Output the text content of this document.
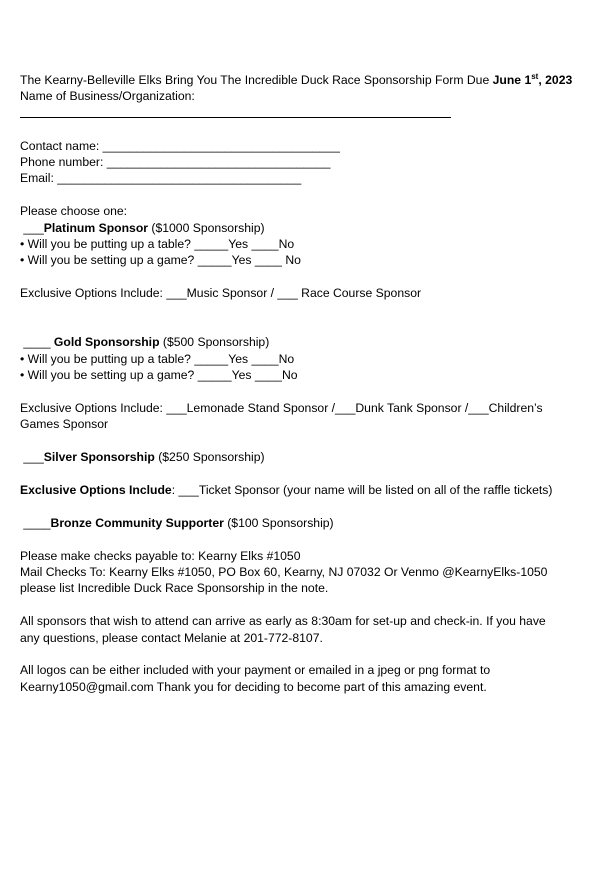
The Kearny-Belleville Elks Bring You The Incredible Duck Race Sponsorship Form Due June 1st, 2023
Name of Business/Organization:
Contact name: ___________________________________
Phone number: _________________________________
Email: ____________________________________
Please choose one:
___Platinum Sponsor ($1000 Sponsorship)
• Will you be putting up a table? _____Yes ____No
• Will you be setting up a game? _____Yes ____ No
Exclusive Options Include: ___Music Sponsor / ___ Race Course Sponsor
____ Gold Sponsorship ($500 Sponsorship)
• Will you be putting up a table? _____Yes ____No
• Will you be setting up a game? _____Yes ____No
Exclusive Options Include: ___Lemonade Stand Sponsor /___Dunk Tank Sponsor /___Children’s
Games Sponsor
___Silver Sponsorship ($250 Sponsorship)
Exclusive Options Include: ___Ticket Sponsor (your name will be listed on all of the raffle tickets)
____Bronze Community Supporter ($100 Sponsorship)
Please make checks payable to: Kearny Elks #1050
Mail Checks To: Kearny Elks #1050, PO Box 60, Kearny, NJ 07032 Or Venmo @KearnyElks-1050
please list Incredible Duck Race Sponsorship in the note.
All sponsors that wish to attend can arrive as early as 8:30am for set-up and check-in. If you have
any questions, please contact Melanie at 201-772-8107.
All logos can be either included with your payment or emailed in a jpeg or png format to
Kearny1050@gmail.com Thank you for deciding to become part of this amazing event.
